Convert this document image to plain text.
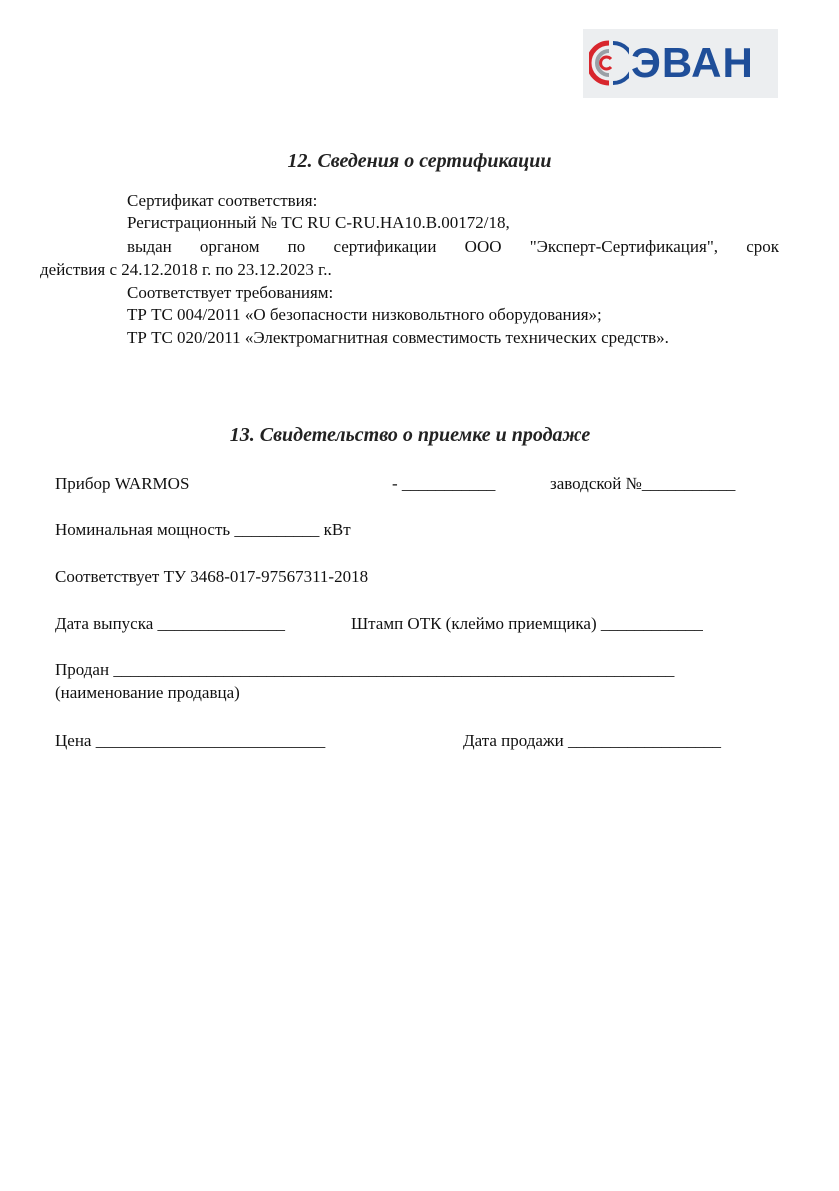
ЭВАН
12. Сведения о сертификации
Сертификат соответствия:
Регистрационный № ТС RU C-RU.НА10.В.00172/18,
выдан органом по сертификации ООО "Эксперт-Сертификация", срок
действия с 24.12.2018 г. по 23.12.2023 г..
Соответствует требованиям:
ТР ТС 004/2011 «О безопасности низковольтного оборудования»;
ТР ТС 020/2011 «Электромагнитная совместимость технических средств».
13. Свидетельство о приемке и продаже
Прибор WARMOS	- ___________	заводской №___________
Номинальная мощность __________ кВт
Соответствует ТУ 3468-017-97567311-2018
Дата выпуска _______________	Штамп ОТК (клеймо приемщика) ____________
Продан __________________________________________________________________
(наименование продавца)
Цена ___________________________	Дата продажи __________________
